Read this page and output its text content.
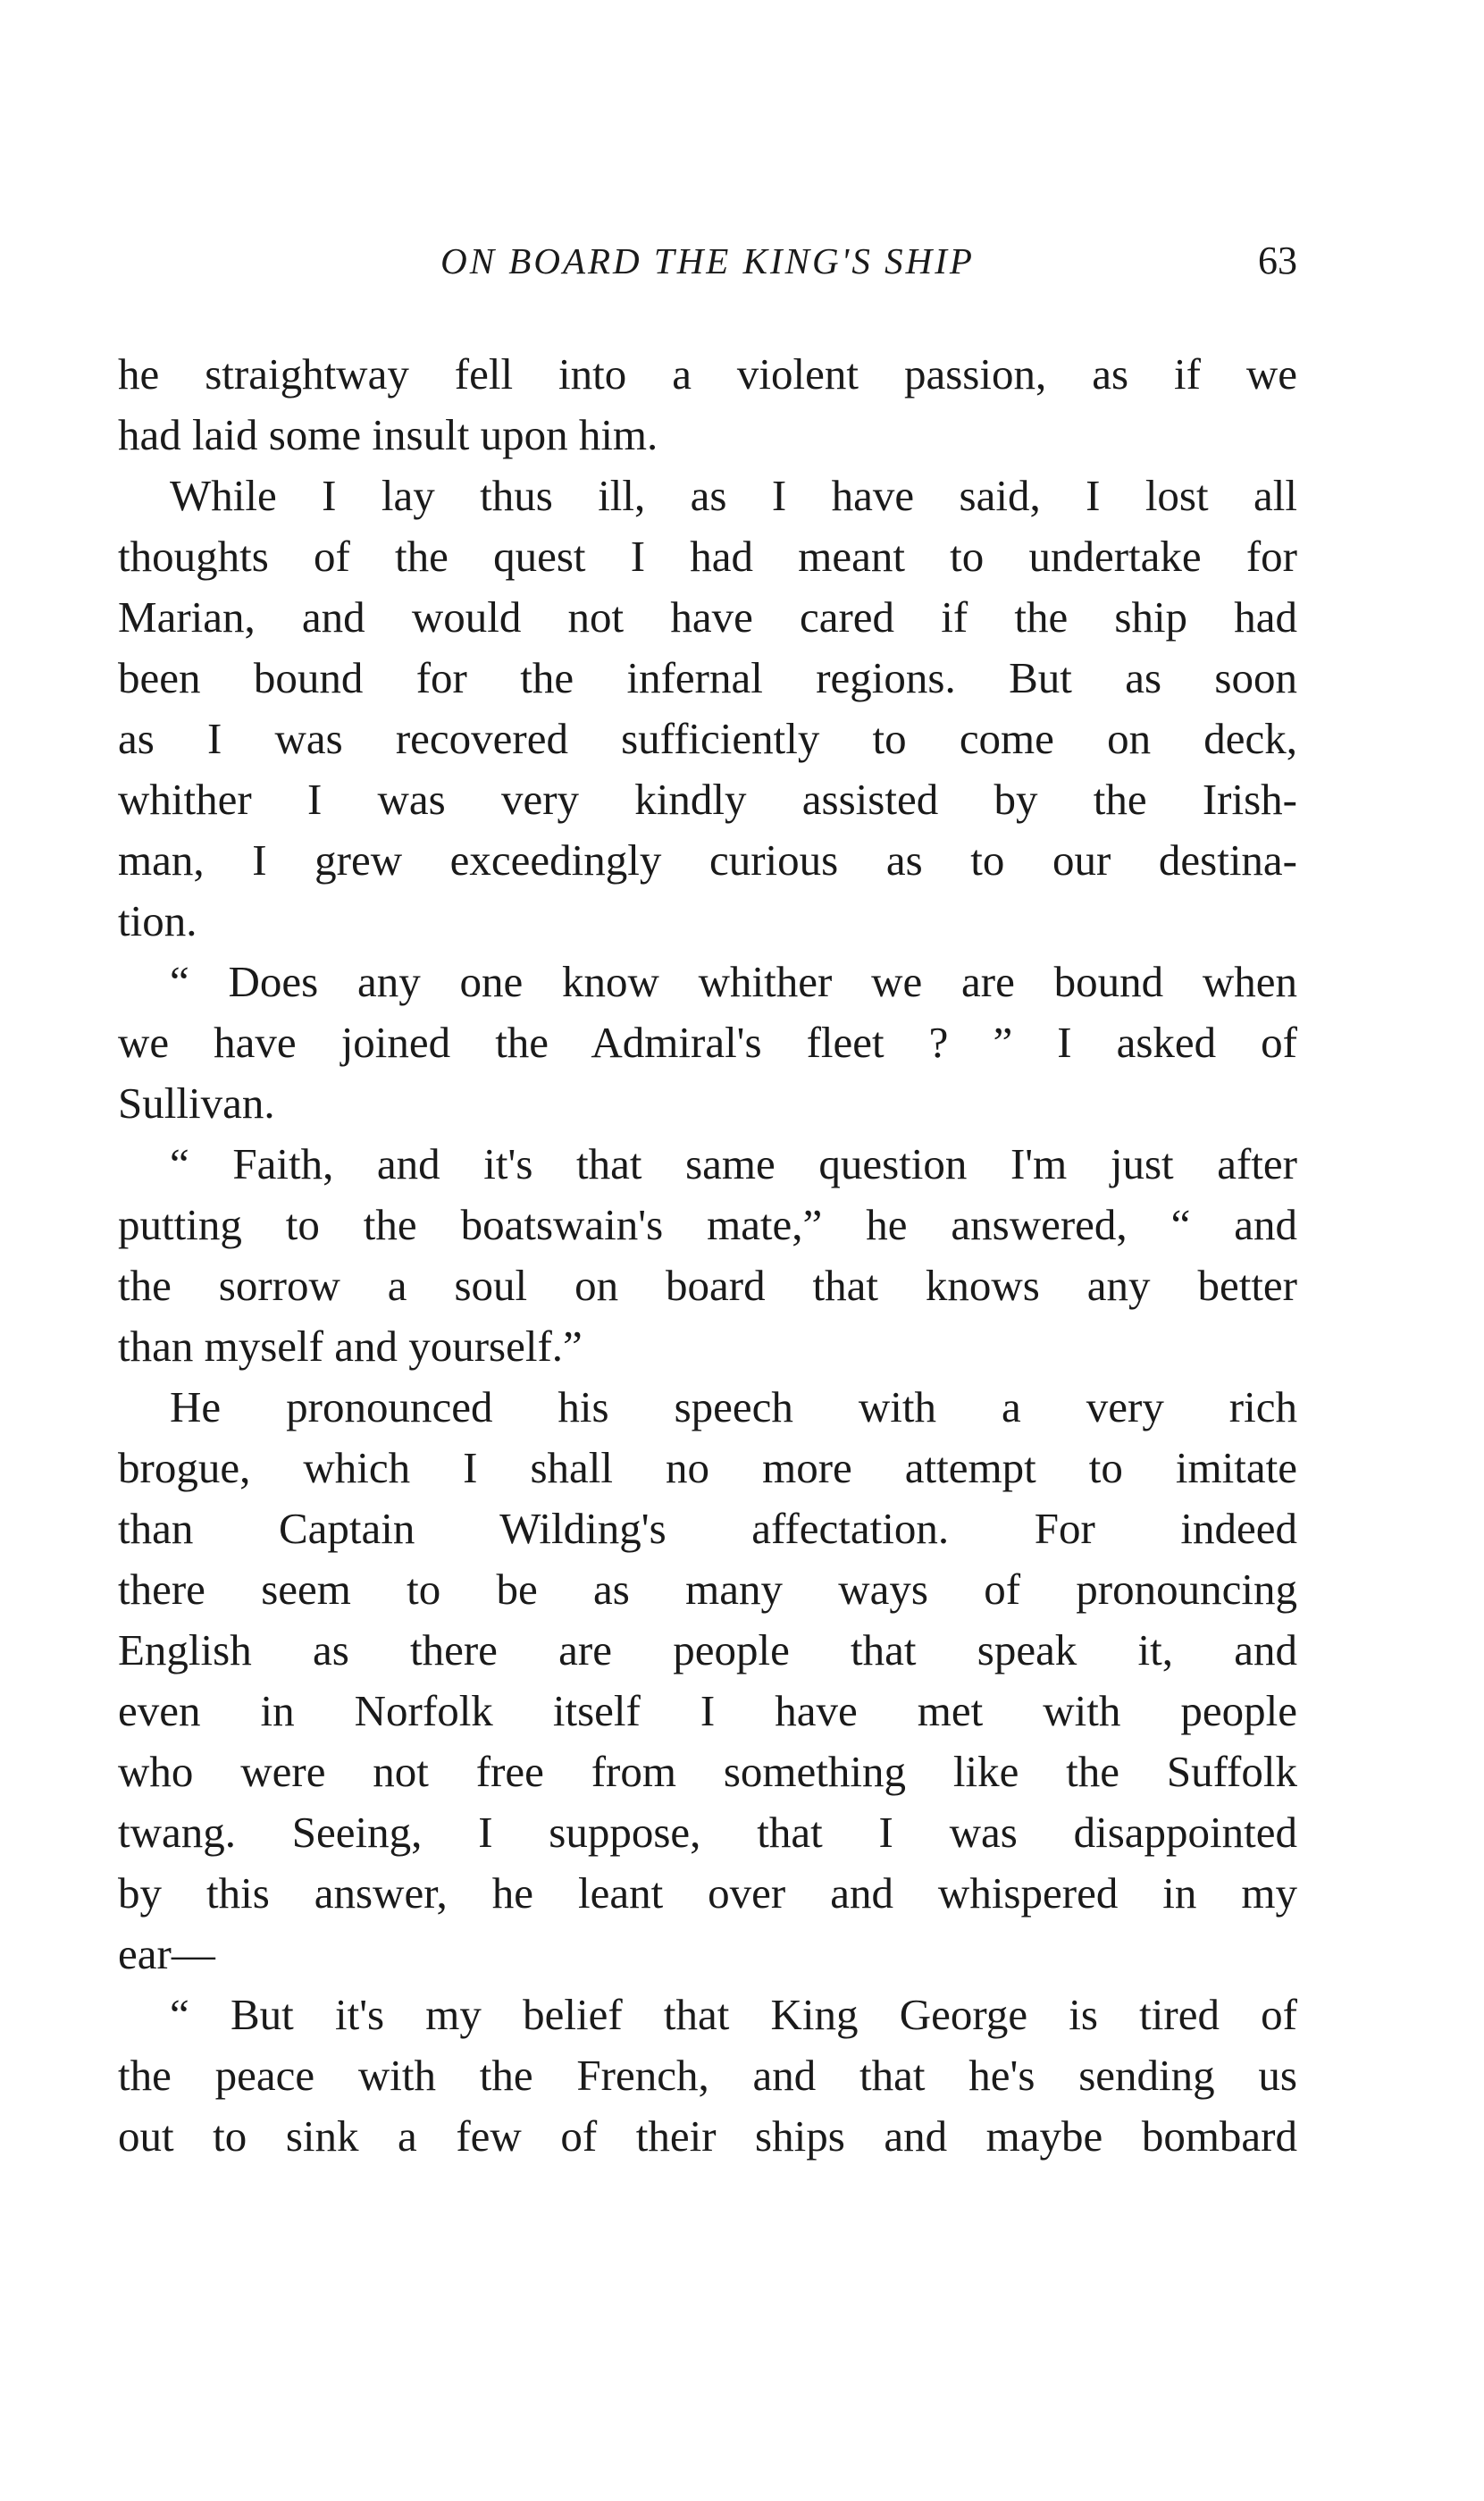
ON BOARD THE KING'S SHIP	63
he straightway fell into a violent passion, as if we
had laid some insult upon him.
While I lay thus ill, as I have said, I lost all
thoughts of the quest I had meant to undertake for
Marian, and would not have cared if the ship had
been bound for the infernal regions. But as soon
as I was recovered sufficiently to come on deck,
whither I was very kindly assisted by the Irish-
man, I grew exceedingly curious as to our destina-
tion.
“ Does any one know whither we are bound when
we have joined the Admiral's fleet ? ” I asked of
Sullivan.
“ Faith, and it's that same question I'm just after
putting to the boatswain's mate,” he answered, “ and
the sorrow a soul on board that knows any better
than myself and yourself.”
He pronounced his speech with a very rich
brogue, which I shall no more attempt to imitate
than Captain Wilding's affectation. For indeed
there seem to be as many ways of pronouncing
English as there are people that speak it, and
even in Norfolk itself I have met with people
who were not free from something like the Suffolk
twang. Seeing, I suppose, that I was disappointed
by this answer, he leant over and whispered in my
ear—
“ But it's my belief that King George is tired of
the peace with the French, and that he's sending us
out to sink a few of their ships and maybe bombard
